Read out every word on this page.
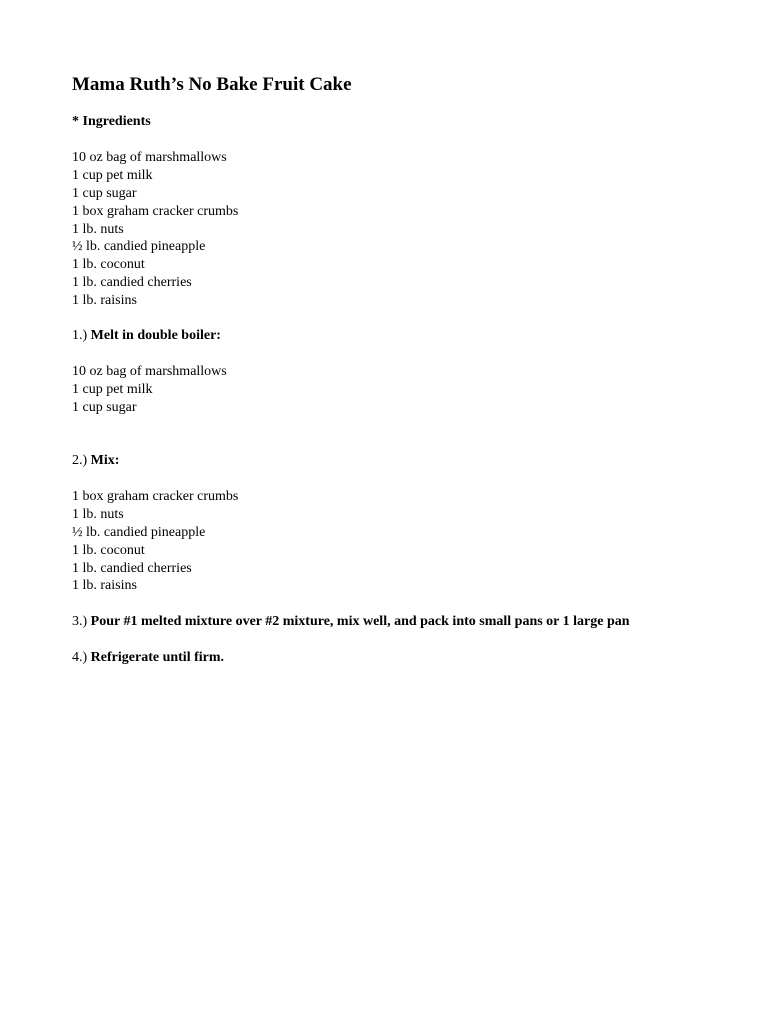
Mama Ruth’s No Bake Fruit Cake

* Ingredients

10 oz bag of marshmallows
1 cup pet milk
1 cup sugar
1 box graham cracker crumbs
1 lb. nuts
½ lb. candied pineapple
1 lb. coconut
1 lb. candied cherries
1 lb. raisins

1.) Melt in double boiler:

10 oz bag of marshmallows
1 cup pet milk
1 cup sugar

2.) Mix:

1 box graham cracker crumbs
1 lb. nuts
½ lb. candied pineapple
1 lb. coconut
1 lb. candied cherries
1 lb. raisins

3.) Pour #1 melted mixture over #2 mixture, mix well, and pack into small pans or 1 large pan

4.) Refrigerate until firm.
